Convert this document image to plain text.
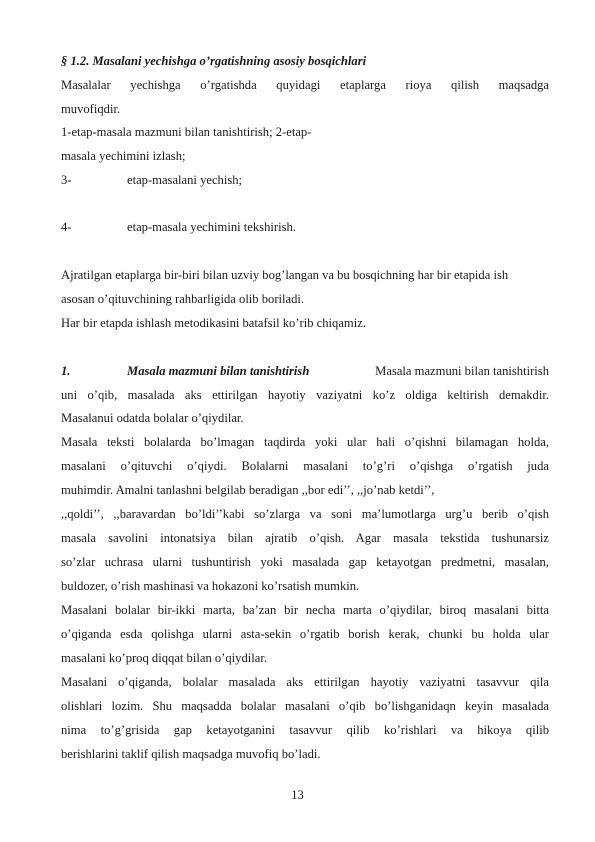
§ 1.2. Masalani yechishga o’rgatishning asosiy bosqichlari
Masalalar yechishga o’rgatishda quyidagi etaplarga rioya qilish maqsadga
muvofiqdir.
1-etap-masala mazmuni bilan tanishtirish; 2-etap-
masala yechimini izlash;
3-	etap-masalani yechish;
4-	etap-masala yechimini tekshirish.
Ajratilgan etaplarga bir-biri bilan uzviy bog’langan va bu bosqichning har bir etapida ish
asosan o’qituvchining rahbarligida olib boriladi.
Har bir etapda ishlash metodikasini batafsil ko’rib chiqamiz.
1.	Masala mazmuni bilan tanishtirish	Masala mazmuni bilan tanishtirish
uni o’qib, masalada aks ettirilgan hayotiy vaziyatni ko’z oldiga keltirish demakdir.
Masalanui odatda bolalar o’qiydilar.
Masala teksti bolalarda bo’lmagan taqdirda yoki ular hali o’qishni bilamagan holda,
masalani o’qituvchi o’qiydi. Bolalarni masalani to’g’ri o’qishga o’rgatish juda
muhimdir. Amalni tanlashni belgilab beradigan ,,bor edi’’, ,,jo’nab ketdi’’,
,,qoldi’’, ,,baravardan bo’ldi’’kabi so’zlarga va soni ma’lumotlarga urg’u berib o’qish
masala savolini intonatsiya bilan ajratib o’qish. Agar masala tekstida tushunarsiz
so’zlar uchrasa ularni tushuntirish yoki masalada gap ketayotgan predmetni, masalan,
buldozer, o’rish mashinasi va hokazoni ko’rsatish mumkin.
Masalani bolalar bir-ikki marta, ba’zan bir necha marta o’qiydilar, biroq masalani bitta
o’qiganda esda qolishga ularni asta-sekin o’rgatib borish kerak, chunki bu holda ular
masalani ko’proq diqqat bilan o’qiydilar.
Masalani o’qiganda, bolalar masalada aks ettirilgan hayotiy vaziyatni tasavvur qila
olishlari lozim. Shu maqsadda bolalar masalani o’qib bo’lishganidaqn keyin masalada
nima to’g’grisida gap ketayotganini tasavvur qilib ko’rishlari va hikoya qilib
berishlarini taklif qilish maqsadga muvofiq bo’ladi.
13
